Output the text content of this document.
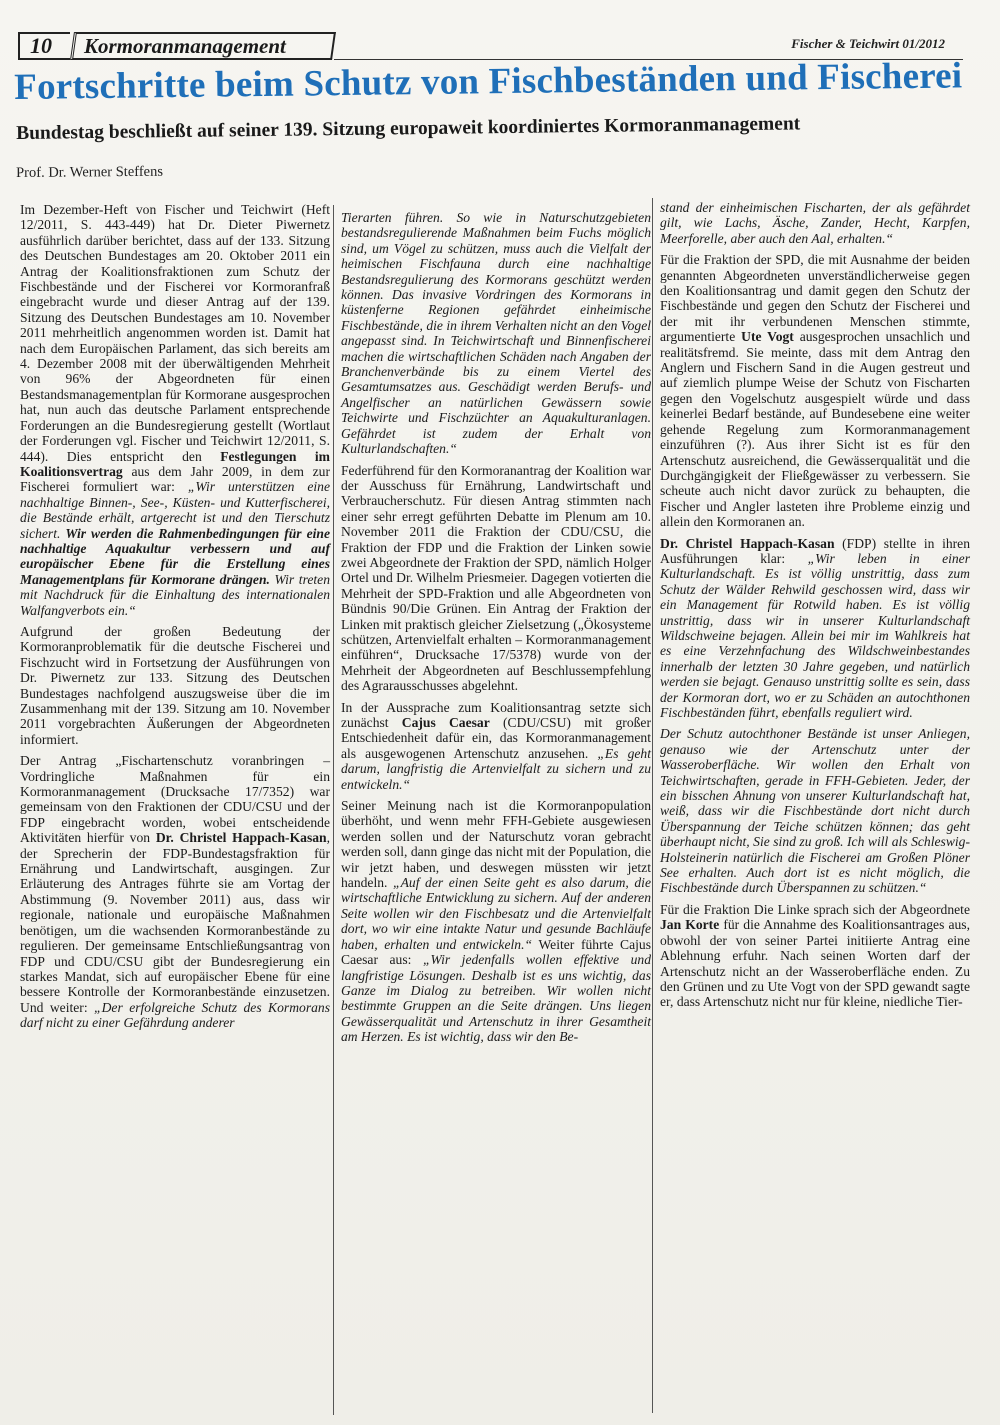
10	Kormoranmanagement	Fischer & Teichwirt 01/2012
Fortschritte beim Schutz von Fischbeständen und Fischerei
Bundestag beschließt auf seiner 139. Sitzung europaweit koordiniertes Kormoranmanagement
Prof. Dr. Werner Steffens

Im Dezember-Heft von Fischer und Teichwirt (Heft 12/2011, S. 443-449) hat Dr. Dieter Piwernetz ausführlich darüber berichtet, dass auf der 133. Sitzung des Deutschen Bundestages am 20. Oktober 2011 ein Antrag der Koalitionsfraktionen zum Schutz der Fischbestände und der Fischerei vor Kormoranfraß eingebracht wurde und dieser Antrag auf der 139. Sitzung des Deutschen Bundestages am 10. November 2011 mehrheitlich angenommen worden ist. Damit hat nach dem Europäischen Parlament, das sich bereits am 4. Dezember 2008 mit der überwältigenden Mehrheit von 96% der Abgeordneten für einen Bestandsmanagementplan für Kormorane ausgesprochen hat, nun auch das deutsche Parlament entsprechende Forderungen an die Bundesregierung gestellt (Wortlaut der Forderungen vgl. Fischer und Teichwirt 12/2011, S. 444). Dies entspricht den Festlegungen im Koalitionsvertrag aus dem Jahr 2009, in dem zur Fischerei formuliert war: „Wir unterstützen eine nachhaltige Binnen-, See-, Küsten- und Kutterfischerei, die Bestände erhält, artgerecht ist und den Tierschutz sichert. Wir werden die Rahmenbedingungen für eine nachhaltige Aquakultur verbessern und auf europäischer Ebene für die Erstellung eines Managementplans für Kormorane drängen. Wir treten mit Nachdruck für die Einhaltung des internationalen Walfangverbots ein.“

Aufgrund der großen Bedeutung der Kormoranproblematik für die deutsche Fischerei und Fischzucht wird in Fortsetzung der Ausführungen von Dr. Piwernetz zur 133. Sitzung des Deutschen Bundestages nachfolgend auszugsweise über die im Zusammenhang mit der 139. Sitzung am 10. November 2011 vorgebrachten Äußerungen der Abgeordneten informiert.

Der Antrag „Fischartenschutz voranbringen – Vordringliche Maßnahmen für ein Kormoranmanagement (Drucksache 17/7352) war gemeinsam von den Fraktionen der CDU/CSU und der FDP eingebracht worden, wobei entscheidende Aktivitäten hierfür von Dr. Christel Happach-Kasan, der Sprecherin der FDP-Bundestagsfraktion für Ernährung und Landwirtschaft, ausgingen. Zur Erläuterung des Antrages führte sie am Vortag der Abstimmung (9. November 2011) aus, dass wir regionale, nationale und europäische Maßnahmen benötigen, um die wachsenden Kormoranbestände zu regulieren. Der gemeinsame Entschließungsantrag von FDP und CDU/CSU gibt der Bundesregierung ein starkes Mandat, sich auf europäischer Ebene für eine bessere Kontrolle der Kormoranbestände einzusetzen. Und weiter: „Der erfolgreiche Schutz des Kormorans darf nicht zu einer Gefährdung anderer

Tierarten führen. So wie in Naturschutzgebieten bestandsregulierende Maßnahmen beim Fuchs möglich sind, um Vögel zu schützen, muss auch die Vielfalt der heimischen Fischfauna durch eine nachhaltige Bestandsregulierung des Kormorans geschützt werden können. Das invasive Vordringen des Kormorans in küstenferne Regionen gefährdet einheimische Fischbestände, die in ihrem Verhalten nicht an den Vogel angepasst sind. In Teichwirtschaft und Binnenfischerei machen die wirtschaftlichen Schäden nach Angaben der Branchenverbände bis zu einem Viertel des Gesamtumsatzes aus. Geschädigt werden Berufs- und Angelfischer an natürlichen Gewässern sowie Teichwirte und Fischzüchter an Aquakulturanlagen. Gefährdet ist zudem der Erhalt von Kulturlandschaften.“

Federführend für den Kormoranantrag der Koalition war der Ausschuss für Ernährung, Landwirtschaft und Verbraucherschutz. Für diesen Antrag stimmten nach einer sehr erregt geführten Debatte im Plenum am 10. November 2011 die Fraktion der CDU/CSU, die Fraktion der FDP und die Fraktion der Linken sowie zwei Abgeordnete der Fraktion der SPD, nämlich Holger Ortel und Dr. Wilhelm Priesmeier. Dagegen votierten die Mehrheit der SPD-Fraktion und alle Abgeordneten von Bündnis 90/Die Grünen. Ein Antrag der Fraktion der Linken mit praktisch gleicher Zielsetzung („Ökosysteme schützen, Artenvielfalt erhalten – Kormoranmanagement einführen“, Drucksache 17/5378) wurde von der Mehrheit der Abgeordneten auf Beschlussempfehlung des Agrarausschusses abgelehnt.

In der Aussprache zum Koalitionsantrag setzte sich zunächst Cajus Caesar (CDU/CSU) mit großer Entschiedenheit dafür ein, das Kormoranmanagement als ausgewogenen Artenschutz anzusehen. „Es geht darum, langfristig die Artenvielfalt zu sichern und zu entwickeln.“

Seiner Meinung nach ist die Kormoranpopulation überhöht, und wenn mehr FFH-Gebiete ausgewiesen werden sollen und der Naturschutz voran gebracht werden soll, dann ginge das nicht mit der Population, die wir jetzt haben, und deswegen müssten wir jetzt handeln. „Auf der einen Seite geht es also darum, die wirtschaftliche Entwicklung zu sichern. Auf der anderen Seite wollen wir den Fischbesatz und die Artenvielfalt dort, wo wir eine intakte Natur und gesunde Bachläufe haben, erhalten und entwickeln.“ Weiter führte Cajus Caesar aus: „Wir jedenfalls wollen effektive und langfristige Lösungen. Deshalb ist es uns wichtig, das Ganze im Dialog zu betreiben. Wir wollen nicht bestimmte Gruppen an die Seite drängen. Uns liegen Gewässerqualität und Artenschutz in ihrer Gesamtheit am Herzen. Es ist wichtig, dass wir den Be-

stand der einheimischen Fischarten, der als gefährdet gilt, wie Lachs, Äsche, Zander, Hecht, Karpfen, Meerforelle, aber auch den Aal, erhalten.“

Für die Fraktion der SPD, die mit Ausnahme der beiden genannten Abgeordneten unverständlicherweise gegen den Koalitionsantrag und damit gegen den Schutz der Fischbestände und gegen den Schutz der Fischerei und der mit ihr verbundenen Menschen stimmte, argumentierte Ute Vogt ausgesprochen unsachlich und realitätsfremd. Sie meinte, dass mit dem Antrag den Anglern und Fischern Sand in die Augen gestreut und auf ziemlich plumpe Weise der Schutz von Fischarten gegen den Vogelschutz ausgespielt würde und dass keinerlei Bedarf bestände, auf Bundesebene eine weiter gehende Regelung zum Kormoranmanagement einzuführen (?). Aus ihrer Sicht ist es für den Artenschutz ausreichend, die Gewässerqualität und die Durchgängigkeit der Fließgewässer zu verbessern. Sie scheute auch nicht davor zurück zu behaupten, die Fischer und Angler lasteten ihre Probleme einzig und allein den Kormoranen an.

Dr. Christel Happach-Kasan (FDP) stellte in ihren Ausführungen klar: „Wir leben in einer Kulturlandschaft. Es ist völlig unstrittig, dass zum Schutz der Wälder Rehwild geschossen wird, dass wir ein Management für Rotwild haben. Es ist völlig unstrittig, dass wir in unserer Kulturlandschaft Wildschweine bejagen. Allein bei mir im Wahlkreis hat es eine Verzehnfachung des Wildschweinbestandes innerhalb der letzten 30 Jahre gegeben, und natürlich werden sie bejagt. Genauso unstrittig sollte es sein, dass der Kormoran dort, wo er zu Schäden an autochthonen Fischbeständen führt, ebenfalls reguliert wird.

Der Schutz autochthoner Bestände ist unser Anliegen, genauso wie der Artenschutz unter der Wasseroberfläche. Wir wollen den Erhalt von Teichwirtschaften, gerade in FFH-Gebieten. Jeder, der ein bisschen Ahnung von unserer Kulturlandschaft hat, weiß, dass wir die Fischbestände dort nicht durch Überspannung der Teiche schützen können; das geht überhaupt nicht, Sie sind zu groß. Ich will als Schleswig-Holsteinerin natürlich die Fischerei am Großen Plöner See erhalten. Auch dort ist es nicht möglich, die Fischbestände durch Überspannen zu schützen.“

Für die Fraktion Die Linke sprach sich der Abgeordnete Jan Korte für die Annahme des Koalitionsantrages aus, obwohl der von seiner Partei initiierte Antrag eine Ablehnung erfuhr. Nach seinen Worten darf der Artenschutz nicht an der Wasseroberfläche enden. Zu den Grünen und zu Ute Vogt von der SPD gewandt sagte er, dass Artenschutz nicht nur für kleine, niedliche Tier-
